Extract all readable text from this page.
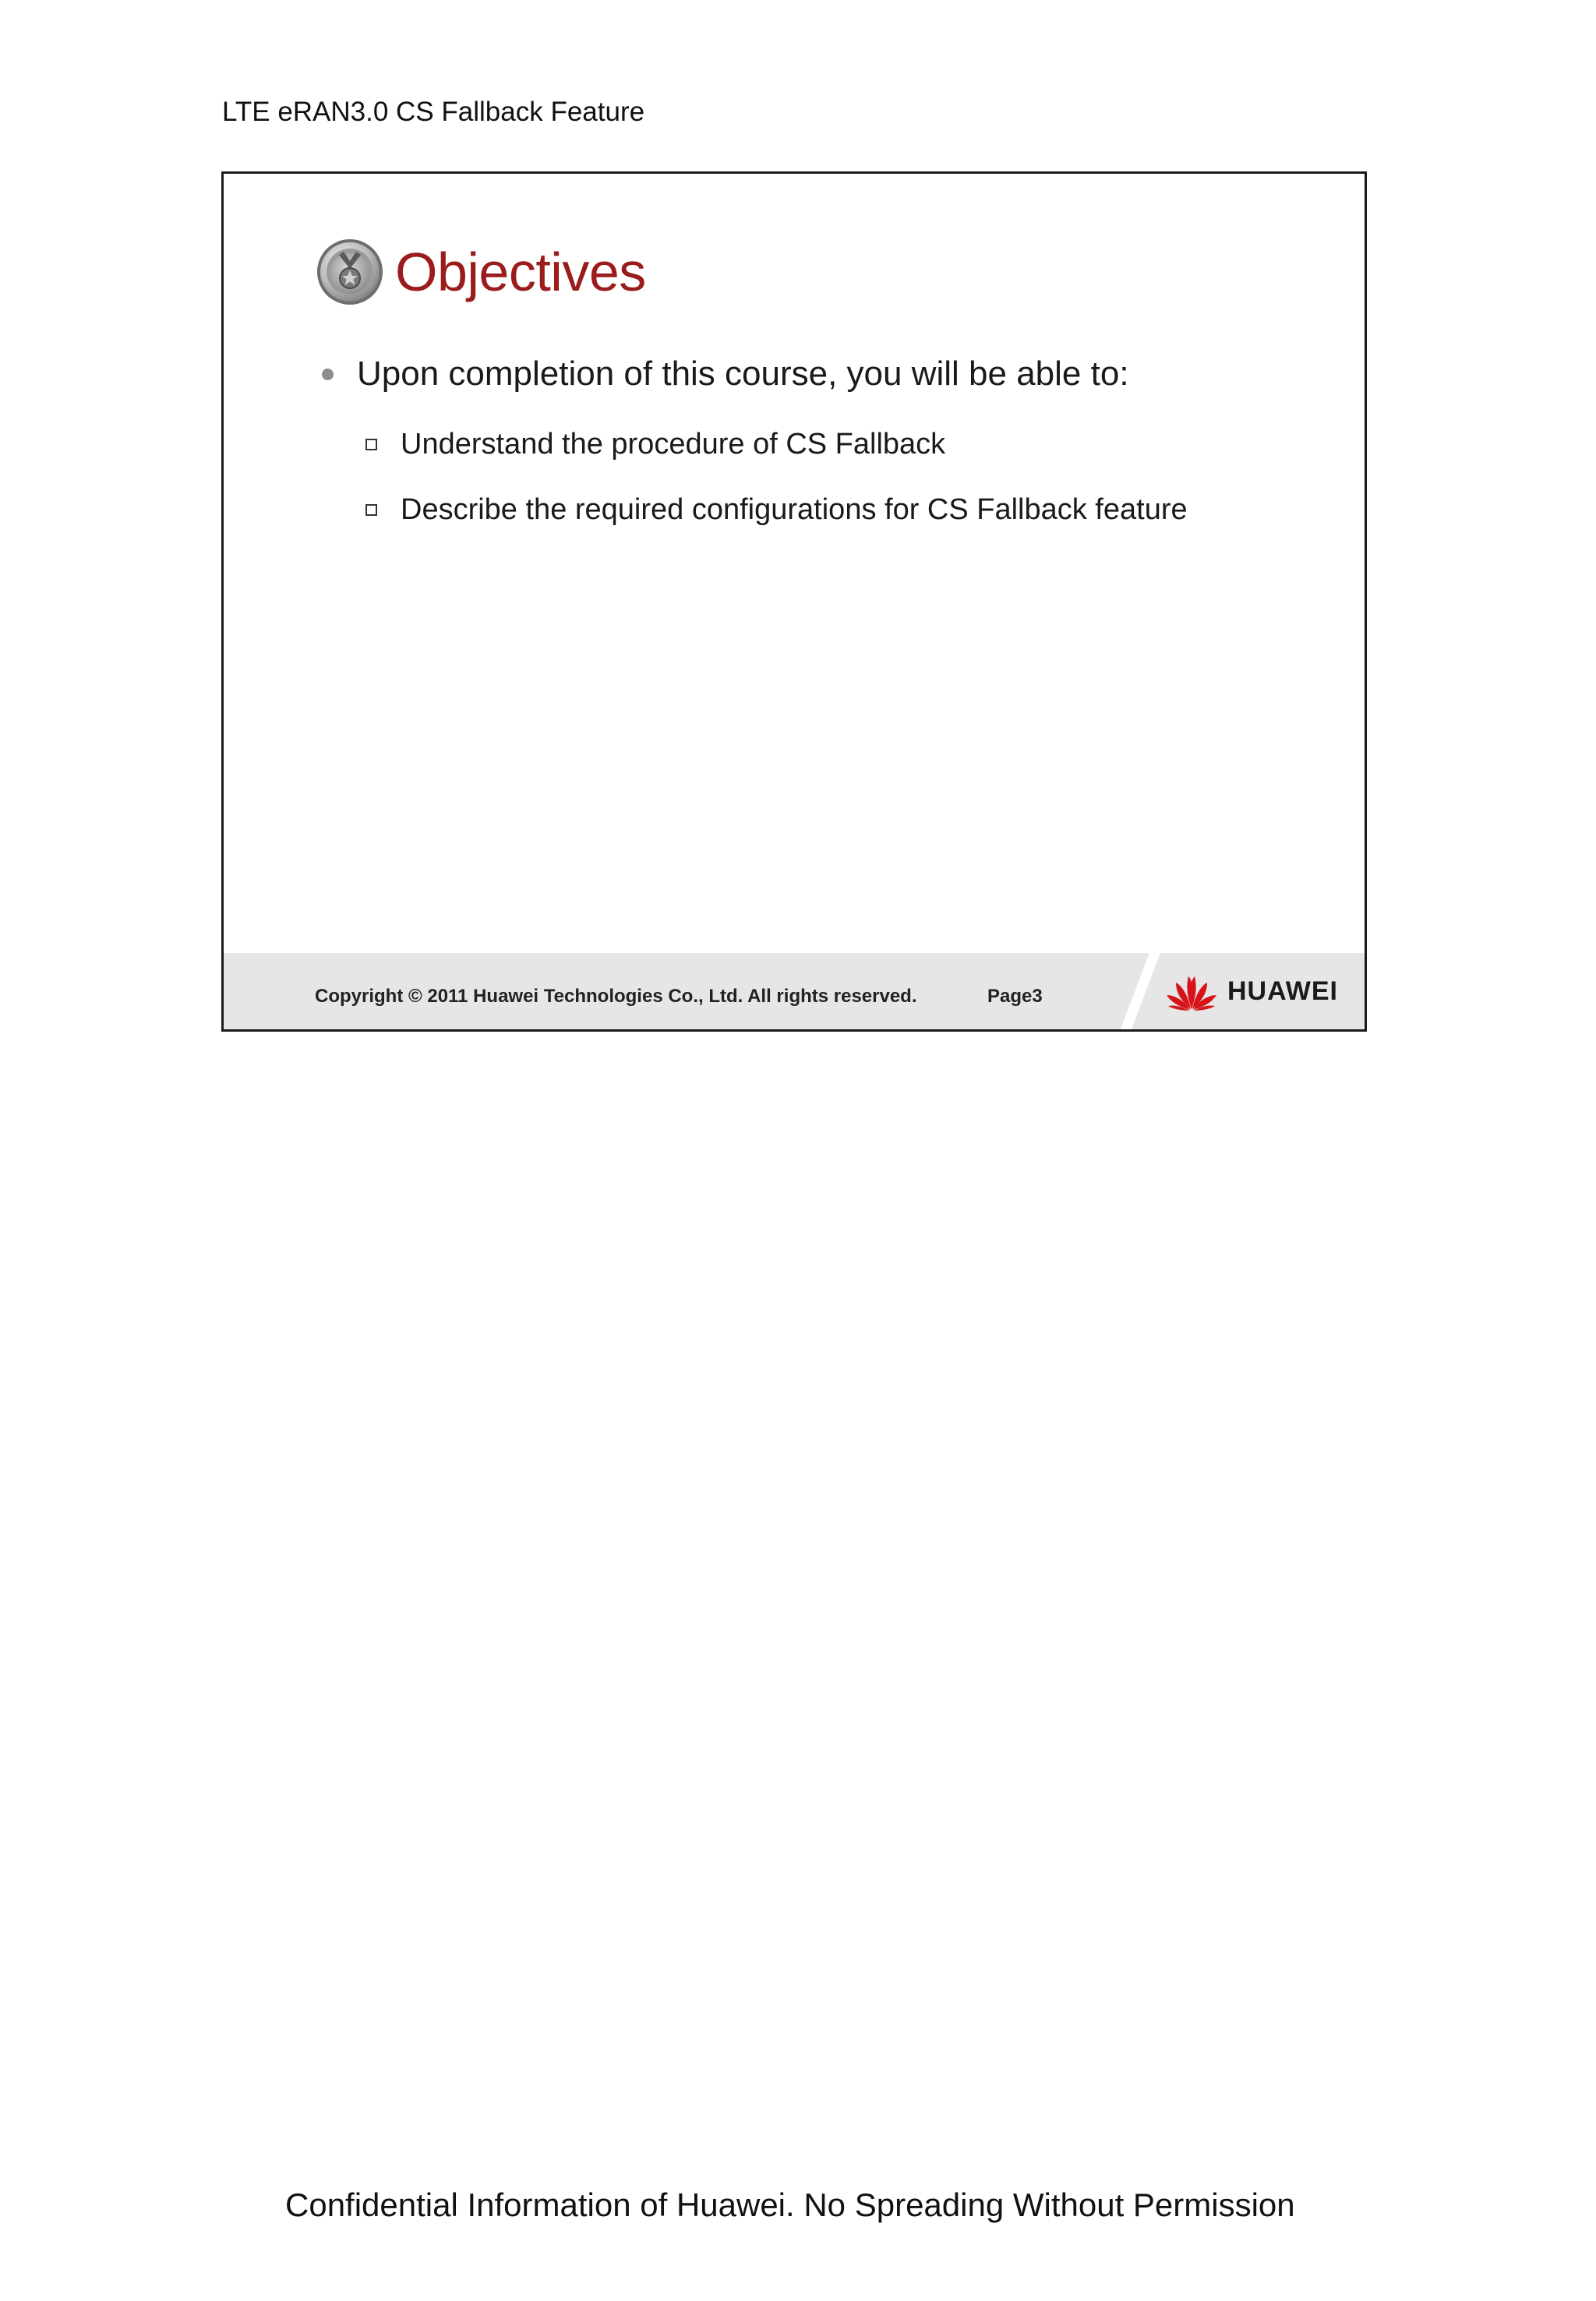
LTE eRAN3.0 CS Fallback Feature
Objectives
Upon completion of this course, you will be able to:
Understand the procedure of CS Fallback
Describe the required configurations for CS Fallback feature
Copyright © 2011 Huawei Technologies Co., Ltd. All rights reserved.	Page3	HUAWEI
Confidential Information of Huawei. No Spreading Without Permission
